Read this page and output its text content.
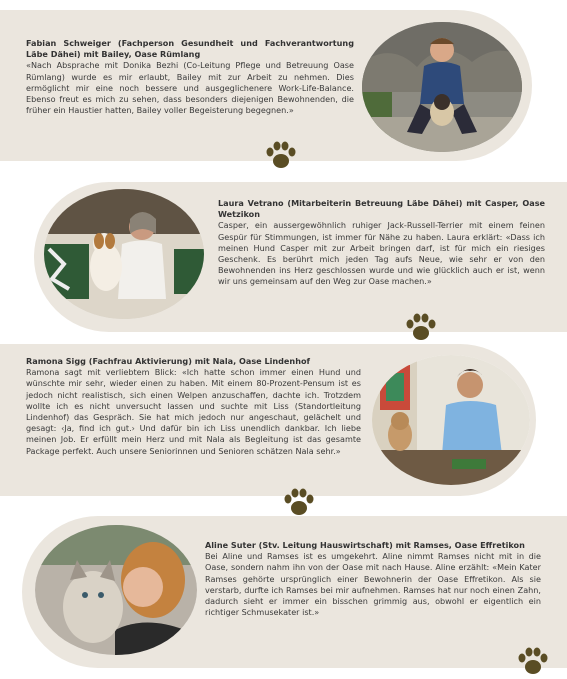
Fabian Schweiger (Fachperson Gesundheit und Fachverantwortung Läbe Dähei) mit Bailey, Oase Rümlang
«Nach Absprache mit Donika Bezhi (Co-Leitung Pflege und Betreuung Oase Rümlang) wurde es mir erlaubt, Bailey mit zur Arbeit zu nehmen. Dies ermöglicht mir eine noch bessere und ausgeglichenere Work-Life-Balance. Ebenso freut es mich zu sehen, dass besonders diejenigen Bewohnenden, die früher ein Haustier hatten, Bailey voller Begeisterung begegnen.»
Laura Vetrano (Mitarbeiterin Betreuung Läbe Dähei) mit Casper, Oase Wetzikon
Casper, ein aussergewöhnlich ruhiger Jack-Russell-Terrier mit einem feinen Gespür für Stimmungen, ist immer für Nähe zu haben. Laura erklärt: «Dass ich meinen Hund Casper mit zur Arbeit bringen darf, ist für mich ein riesiges Geschenk. Es berührt mich jeden Tag aufs Neue, wie sehr er von den Bewohnenden ins Herz geschlossen wurde und wie glücklich auch er ist, wenn wir uns gemeinsam auf den Weg zur Oase machen.»
Ramona Sigg (Fachfrau Aktivierung) mit Nala, Oase Lindenhof
Ramona sagt mit verliebtem Blick: «Ich hatte schon immer einen Hund und wünschte mir sehr, wieder einen zu haben. Mit einem 80-Prozent-Pensum ist es jedoch nicht realistisch, sich einen Welpen anzuschaffen, dachte ich. Trotzdem wollte ich es nicht unversucht lassen und suchte mit Liss (Standortleitung Lindenhof) das Gespräch. Sie hat mich jedoch nur angeschaut, gelächelt und gesagt: ‹Ja, find ich gut.› Und dafür bin ich Liss unendlich dankbar. Ich liebe meinen Job. Er erfüllt mein Herz und mit Nala als Begleitung ist das gesamte Package perfekt. Auch unsere Seniorinnen und Senioren schätzen Nala sehr.»
Aline Suter (Stv. Leitung Hauswirtschaft) mit Ramses, Oase Effretikon
Bei Aline und Ramses ist es umgekehrt. Aline nimmt Ramses nicht mit in die Oase, sondern nahm ihn von der Oase mit nach Hause. Aline erzählt: «Mein Kater Ramses gehörte ursprünglich einer Bewohnerin der Oase Effretikon. Als sie verstarb, durfte ich Ramses bei mir aufnehmen. Ramses hat nur noch einen Zahn, dadurch sieht er immer ein bisschen grimmig aus, obwohl er eigentlich ein richtiger Schmusekater ist.»
